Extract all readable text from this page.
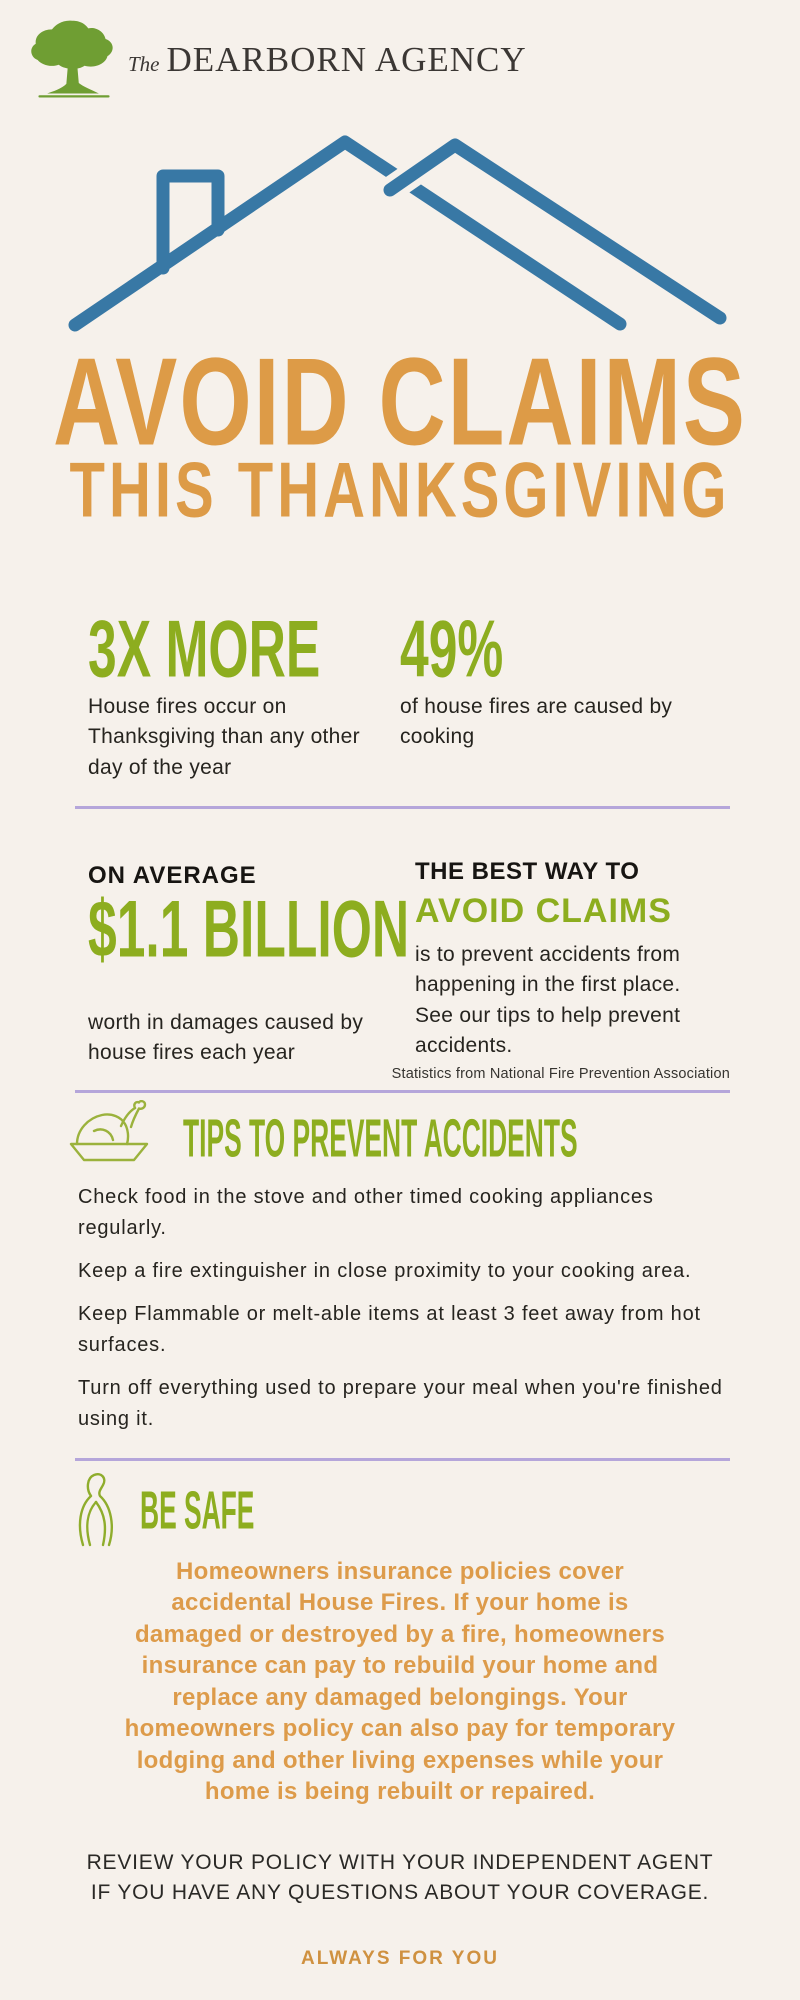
The DEARBORN AGENCY
AVOID CLAIMS
THIS THANKSGIVING
3X MORE
House fires occur on Thanksgiving than any other day of the year
49%
of house fires are caused by cooking
ON AVERAGE
$1.1 BILLION
worth in damages caused by house fires each year
THE BEST WAY TO
AVOID CLAIMS
is to prevent accidents from happening in the first place. See our tips to help prevent accidents.
Statistics from National Fire Prevention Association
TIPS TO PREVENT ACCIDENTS

Check food in the stove and other timed cooking appliances regularly.

Keep a fire extinguisher in close proximity to your cooking area.

Keep Flammable or melt-able items at least 3 feet away from hot surfaces.

Turn off everything used to prepare your meal when you're finished using it.

BE SAFE
Homeowners insurance policies cover accidental House Fires. If your home is damaged or destroyed by a fire, homeowners insurance can pay to rebuild your home and replace any damaged belongings. Your homeowners policy can also pay for temporary lodging and other living expenses while your home is being rebuilt or repaired.
REVIEW YOUR POLICY WITH YOUR INDEPENDENT AGENT
IF YOU HAVE ANY QUESTIONS ABOUT YOUR COVERAGE.
ALWAYS FOR YOU
